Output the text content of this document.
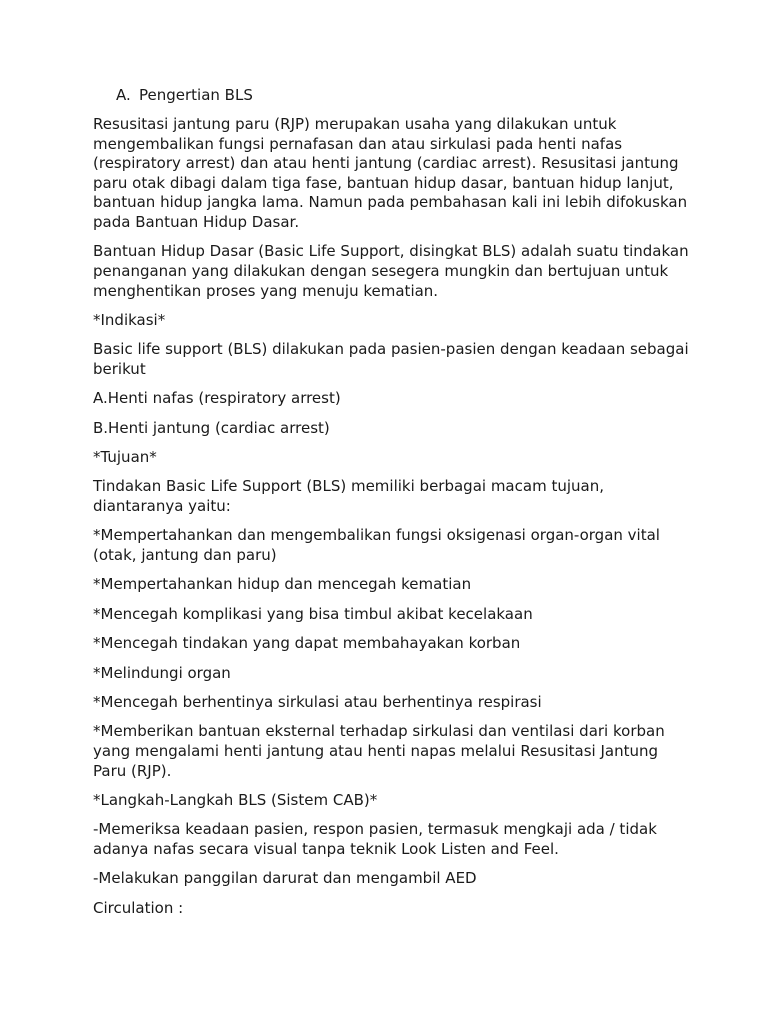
A. Pengertian BLS

Resusitasi jantung paru (RJP) merupakan usaha yang dilakukan untuk mengembalikan fungsi pernafasan dan atau sirkulasi pada henti nafas (respiratory arrest) dan atau henti jantung (cardiac arrest). Resusitasi jantung paru otak dibagi dalam tiga fase, bantuan hidup dasar, bantuan hidup lanjut, bantuan hidup jangka lama. Namun pada pembahasan kali ini lebih difokuskan pada Bantuan Hidup Dasar.

Bantuan Hidup Dasar (Basic Life Support, disingkat BLS) adalah suatu tindakan penanganan yang dilakukan dengan sesegera mungkin dan bertujuan untuk menghentikan proses yang menuju kematian.

*Indikasi*

Basic life support (BLS) dilakukan pada pasien-pasien dengan keadaan sebagai berikut

A.Henti nafas (respiratory arrest)

B.Henti jantung (cardiac arrest)

*Tujuan*

Tindakan Basic Life Support (BLS) memiliki berbagai macam tujuan, diantaranya yaitu:

*Mempertahankan dan mengembalikan fungsi oksigenasi organ-organ vital (otak, jantung dan paru)

*Mempertahankan hidup dan mencegah kematian

*Mencegah komplikasi yang bisa timbul akibat kecelakaan

*Mencegah tindakan yang dapat membahayakan korban

*Melindungi organ

*Mencegah berhentinya sirkulasi atau berhentinya respirasi

*Memberikan bantuan eksternal terhadap sirkulasi dan ventilasi dari korban yang mengalami henti jantung atau henti napas melalui Resusitasi Jantung Paru (RJP).

*Langkah-Langkah BLS (Sistem CAB)*

-Memeriksa keadaan pasien, respon pasien, termasuk mengkaji ada / tidak adanya nafas secara visual tanpa teknik Look Listen and Feel.

-Melakukan panggilan darurat dan mengambil AED

Circulation :
